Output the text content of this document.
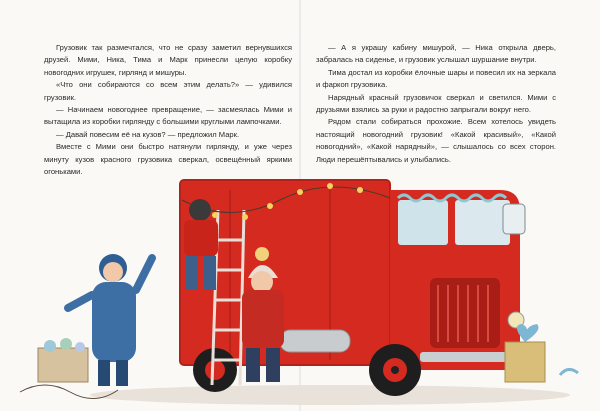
Грузовик так размечтался, что не сразу заметил вернувшихся друзей. Мими, Ника, Тима и Марк принесли целую коробку новогодних игрушек, гирлянд и мишуры.

«Что они собираются со всем этим делать?» — удивился грузовик.

— Начинаем новогоднее превращение, — засмеялась Мими и вытащила из коробки гирлянду с большими круглыми лампочками.

— Давай повесим её на кузов? — предложил Марк.

Вместе с Мими они быстро натянули гирлянду, и уже через минуту кузов красного грузовика сверкал, освещённый яркими огоньками.

— А я украшу кабину мишурой, — Ника открыла дверь, забралась на сиденье, и грузовик услышал шуршание внутри.

Тима достал из коробки ёлочные шары и повесил их на зеркала и фаркоп грузовика.

Нарядный красный грузовичок сверкал и светился. Мими с друзьями взялись за руки и радостно запрыгали вокруг него.

Рядом стали собираться прохожие. Всем хотелось увидеть настоящий новогодний грузовик! «Какой красивый», «Какой новогодний», «Какой нарядный», — слышалось со всех сторон. Люди перешёптывались и улыбались.
